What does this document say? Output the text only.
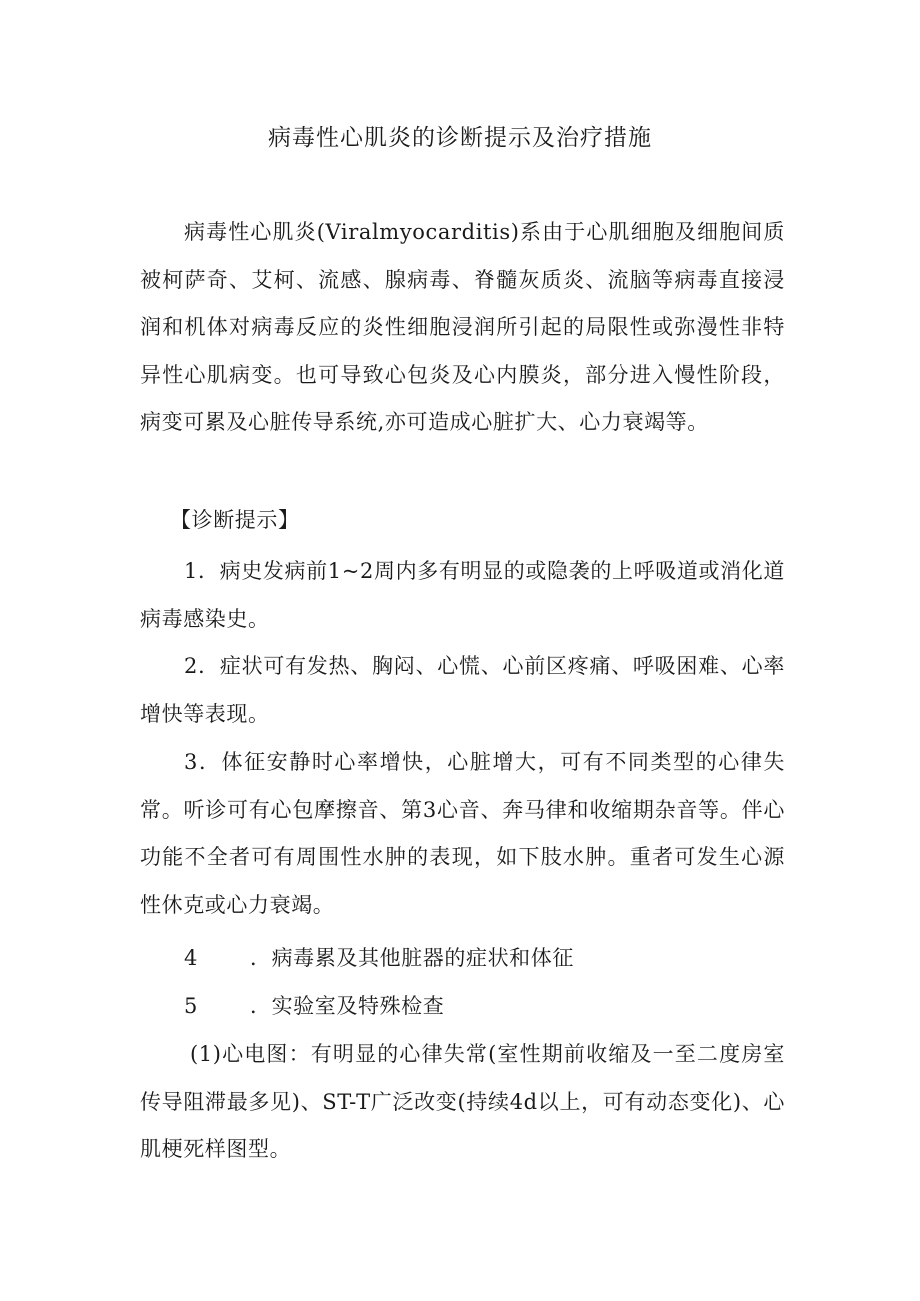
病毒性心肌炎的诊断提示及治疗措施

病毒性心肌炎(Viralmyocarditis)系由于心肌细胞及细胞间质被柯萨奇、艾柯、流感、腺病毒、脊髓灰质炎、流脑等病毒直接浸润和机体对病毒反应的炎性细胞浸润所引起的局限性或弥漫性非特异性心肌病变。也可导致心包炎及心内膜炎，部分进入慢性阶段，病变可累及心脏传导系统,亦可造成心脏扩大、心力衰竭等。

【诊断提示】

1．病史发病前1~2周内多有明显的或隐袭的上呼吸道或消化道病毒感染史。

2．症状可有发热、胸闷、心慌、心前区疼痛、呼吸困难、心率增快等表现。

3．体征安静时心率增快，心脏增大，可有不同类型的心律失常。听诊可有心包摩擦音、第3心音、奔马律和收缩期杂音等。伴心功能不全者可有周围性水肿的表现，如下肢水肿。重者可发生心源性休克或心力衰竭。

4 ．病毒累及其他脏器的症状和体征

5 ．实验室及特殊检查

(1)心电图：有明显的心律失常(室性期前收缩及一至二度房室传导阻滞最多见)、ST-T广泛改变(持续4d以上，可有动态变化)、心肌梗死样图型。
